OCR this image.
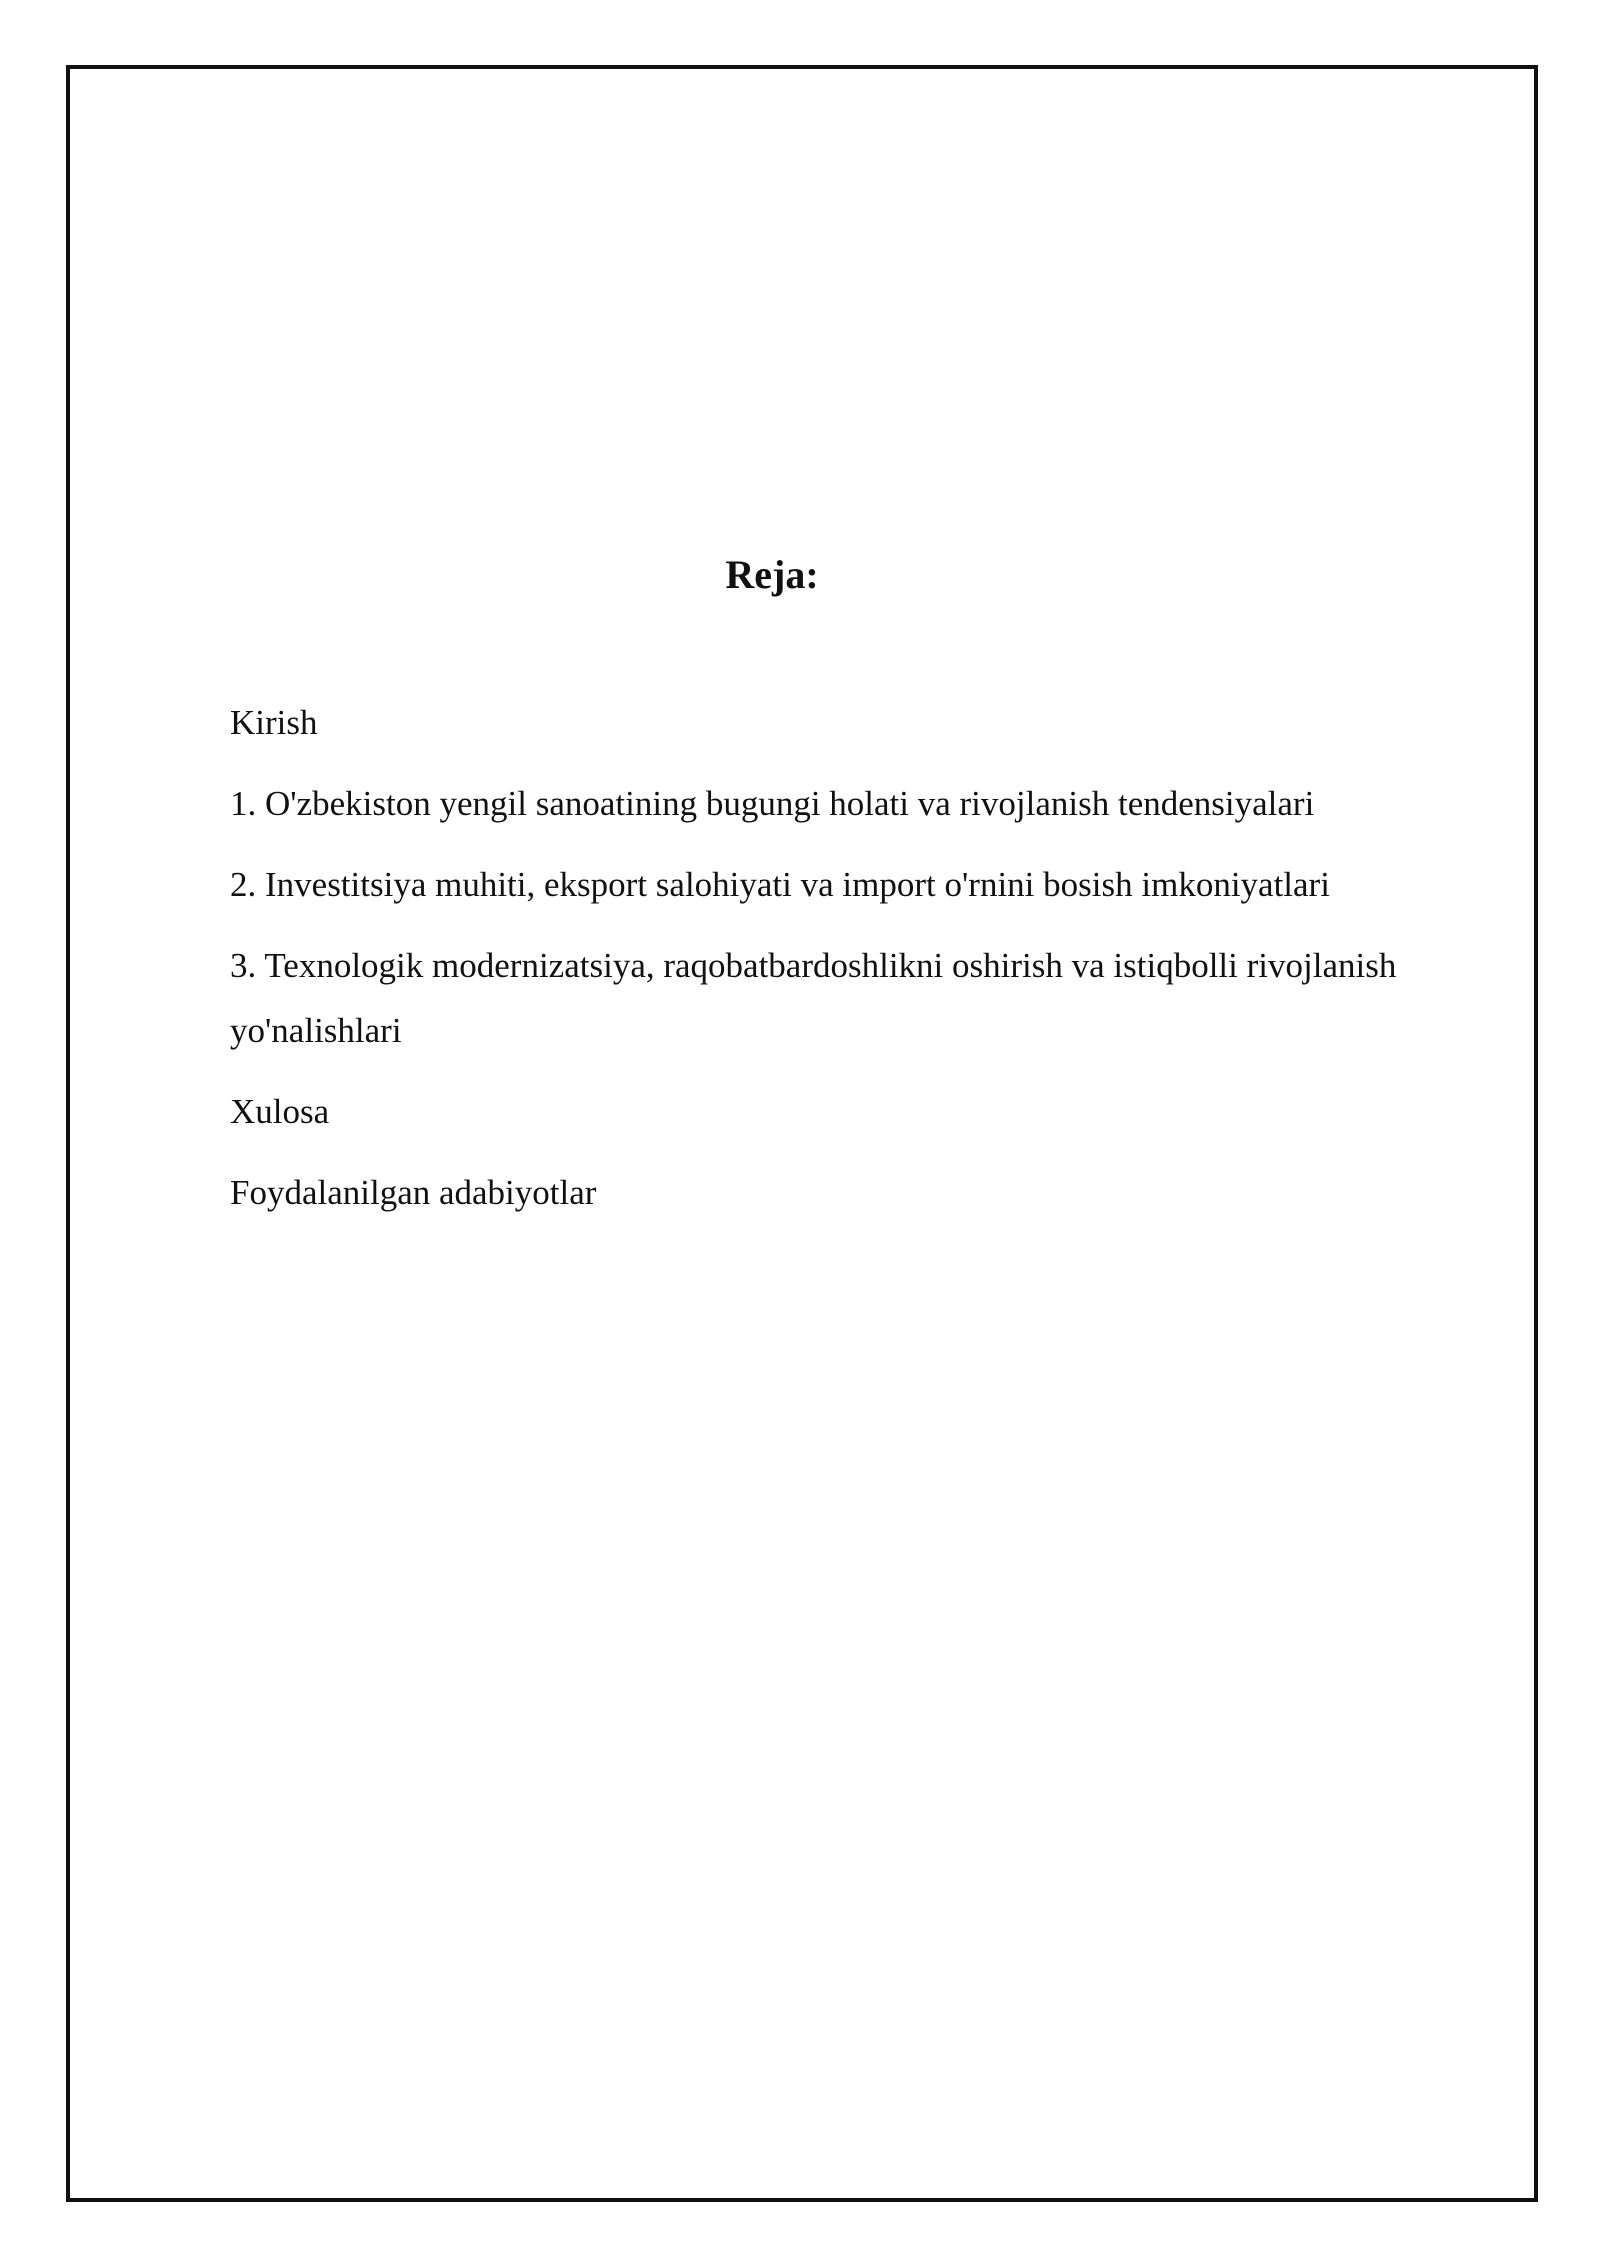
Reja:
Kirish
1. O'zbekiston yengil sanoatining bugungi holati va rivojlanish tendensiyalari
2. Investitsiya muhiti, eksport salohiyati va import o'rnini bosish imkoniyatlari
3. Texnologik modernizatsiya, raqobatbardoshlikni oshirish va istiqbolli rivojlanish yo'nalishlari
Xulosa
Foydalanilgan adabiyotlar
